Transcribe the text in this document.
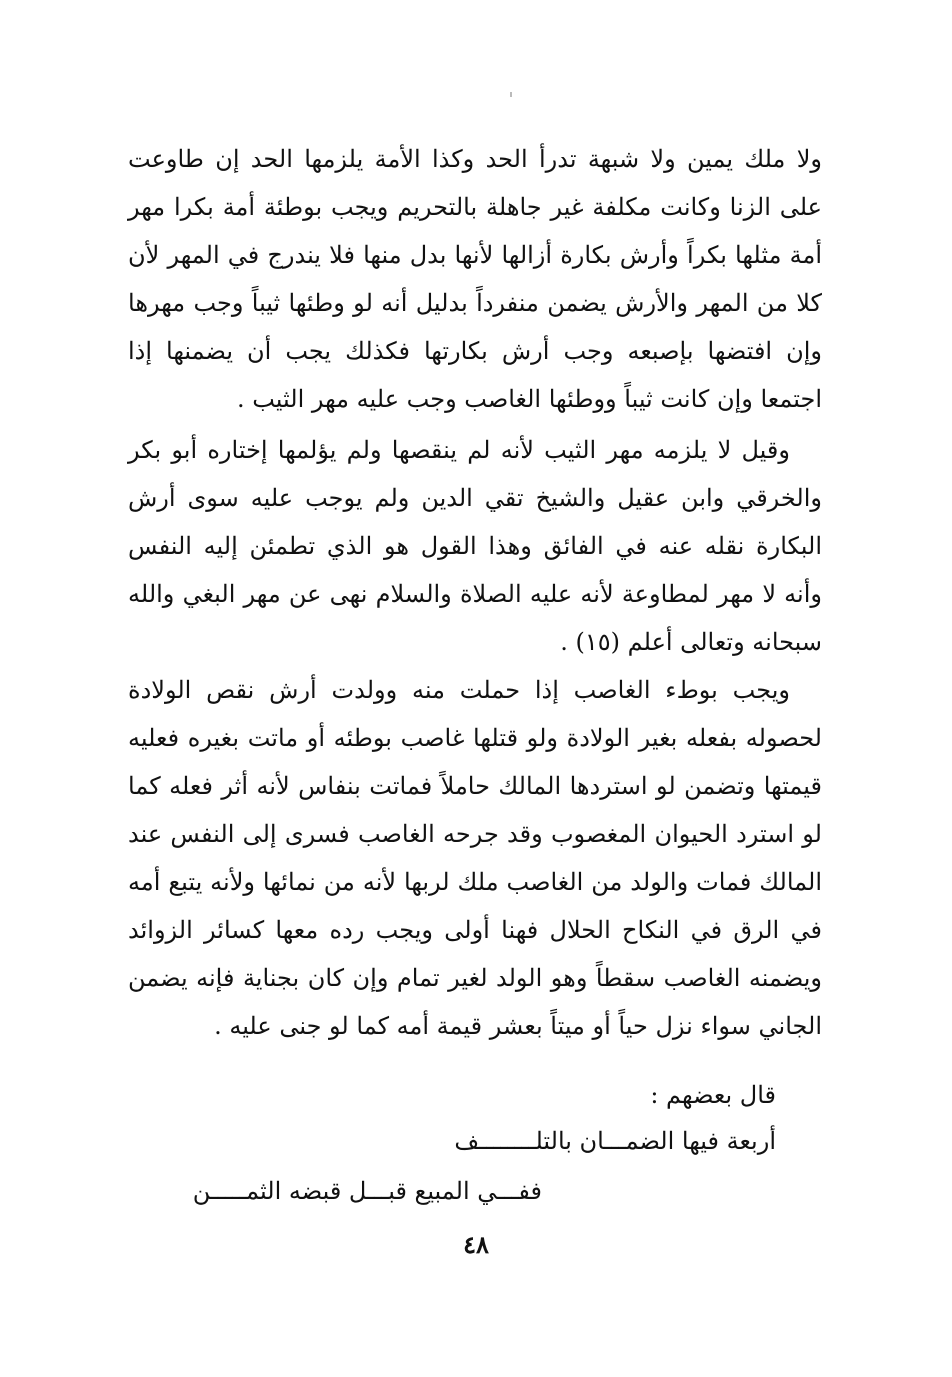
ولا ملك يمين ولا شبهة تدرأ الحد وكذا الأمة يلزمها الحد إن طاوعت على الزنا وكانت مكلفة غير جاهلة بالتحريم ويجب بوطئة أمة بكرا مهر أمة مثلها بكراً وأرش بكارة أزالها لأنها بدل منها فلا يندرج في المهر لأن كلا من المهر والأرش يضمن منفرداً بدليل أنه لو وطئها ثيباً وجب مهرها وإن افتضها بإصبعه وجب أرش بكارتها فكذلك يجب أن يضمنها إذا اجتمعا وإن كانت ثيباً ووطئها الغاصب وجب عليه مهر الثيب .

وقيل لا يلزمه مهر الثيب لأنه لم ينقصها ولم يؤلمها إختاره أبو بكر والخرقي وابن عقيل والشيخ تقي الدين ولم يوجب عليه سوى أرش البكارة نقله عنه في الفائق وهذا القول هو الذي تطمئن إليه النفس وأنه لا مهر لمطاوعة لأنه عليه الصلاة والسلام نهى عن مهر البغي والله سبحانه وتعالى أعلم (١٥) .

ويجب بوطء الغاصب إذا حملت منه وولدت أرش نقص الولادة لحصوله بفعله بغير الولادة ولو قتلها غاصب بوطئه أو ماتت بغيره فعليه قيمتها وتضمن لو استردها المالك حاملاً فماتت بنفاس لأنه أثر فعله كما لو استرد الحيوان المغصوب وقد جرحه الغاصب فسرى إلى النفس عند المالك فمات والولد من الغاصب ملك لربها لأنه من نمائها ولأنه يتبع أمه في الرق في النكاح الحلال فهنا أولى ويجب رده معها كسائر الزوائد ويضمنه الغاصب سقطاً وهو الولد لغير تمام وإن كان بجناية فإنه يضمن الجاني سواء نزل حياً أو ميتاً بعشر قيمة أمه كما لو جنى عليه .

قال بعضهم :

أربعة فيها الضمـــان بالتلــــــــف

ففـــي المبيع قبـــل قبضه الثمـــــن

٤٨
